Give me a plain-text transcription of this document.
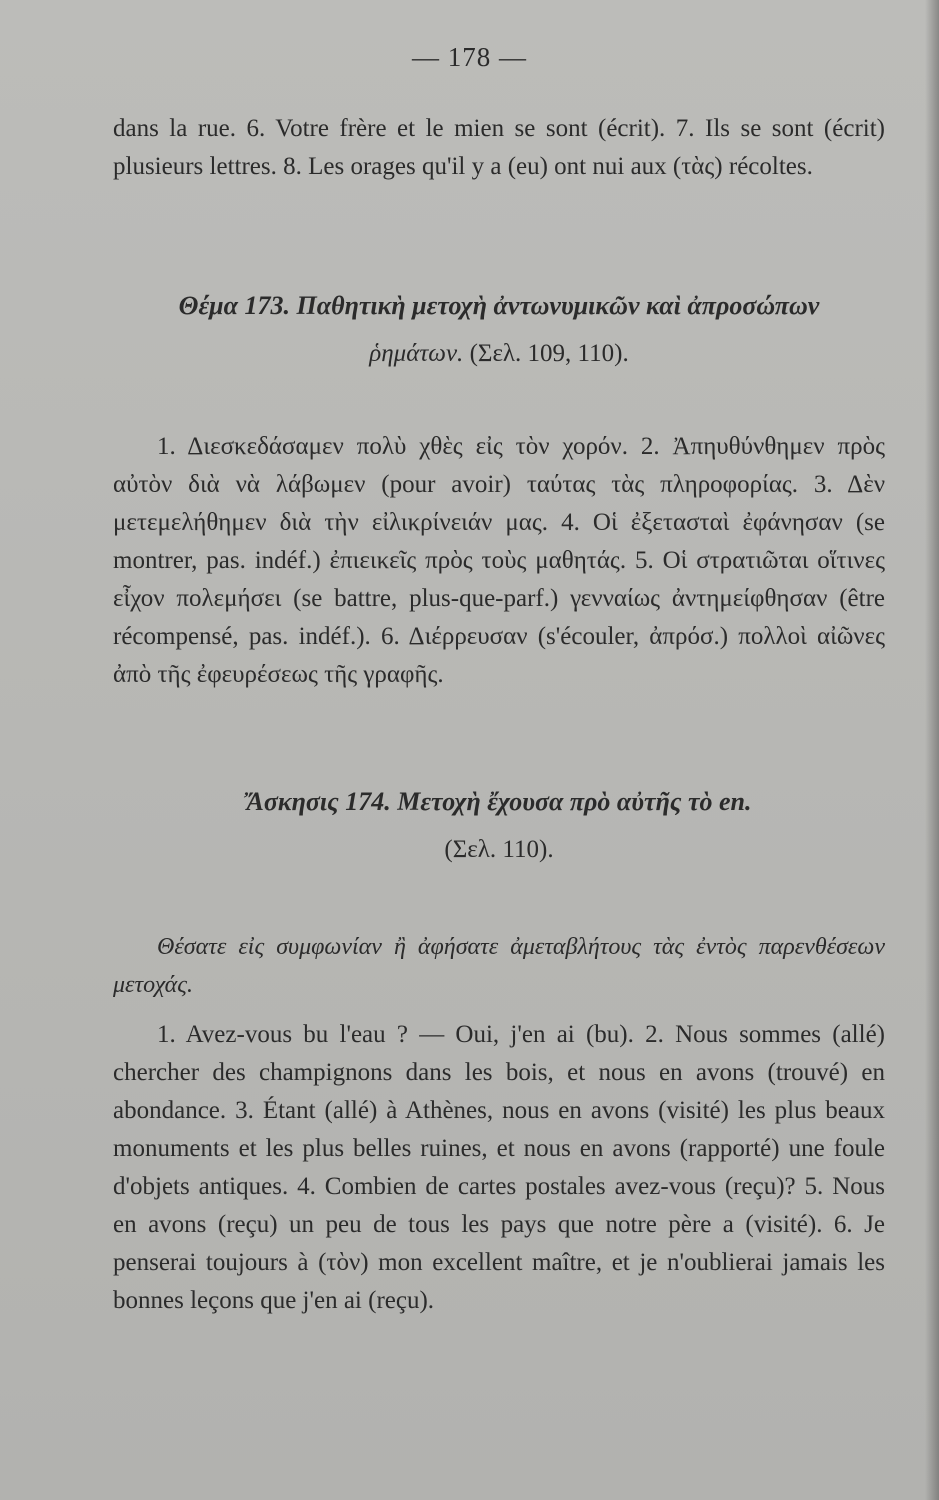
— 178 —

dans la rue. 6. Votre frère et le mien se sont (écrit). 7. Ils se sont (écrit) plusieurs lettres. 8. Les orages qu'il y a (eu) ont nui aux (τὰς) récoltes.

Θέμα 173. Παθητικὴ μετοχὴ ἀντωνυμικῶν καὶ ἀπροσώπων
ῥημάτων. (Σελ. 109, 110).

1. Διεσκεδάσαμεν πολὺ χθὲς εἰς τὸν χορόν. 2. Ἀπηυθύνθημεν πρὸς αὐτὸν διὰ νὰ λάβωμεν (pour avoir) ταύτας τὰς πληροφορίας. 3. Δὲν μετεμελήθημεν διὰ τὴν εἰλικρίνειάν μας. 4. Οἱ ἐξετασταὶ ἐφάνησαν (se montrer, pas. indéf.) ἐπιεικεῖς πρὸς τοὺς μαθητάς. 5. Οἱ στρατιῶται οἵτινες εἶχον πολεμήσει (se battre, plus-que-parf.) γενναίως ἀντημείφθησαν (être récompensé, pas. indéf.). 6. Διέρρευσαν (s'écouler, ἀπρόσ.) πολλοὶ αἰῶνες ἀπὸ τῆς ἐφευρέσεως τῆς γραφῆς.

Ἄσκησις 174. Μετοχὴ ἔχουσα πρὸ αὐτῆς τὸ en.
(Σελ. 110).

Θέσατε εἰς συμφωνίαν ἢ ἀφήσατε ἀμεταβλήτους τὰς ἐντὸς παρενθέσεων μετοχάς.

1. Avez-vous bu l'eau ? — Oui, j'en ai (bu). 2. Nous sommes (allé) chercher des champignons dans les bois, et nous en avons (trouvé) en abondance. 3. Étant (allé) à Athènes, nous en avons (visité) les plus beaux monuments et les plus belles ruines, et nous en avons (rapporté) une foule d'objets antiques. 4. Combien de cartes postales avez-vous (reçu)? 5. Nous en avons (reçu) un peu de tous les pays que notre père a (visité). 6. Je penserai toujours à (τὸν) mon excellent maître, et je n'oublierai jamais les bonnes leçons que j'en ai (reçu).
